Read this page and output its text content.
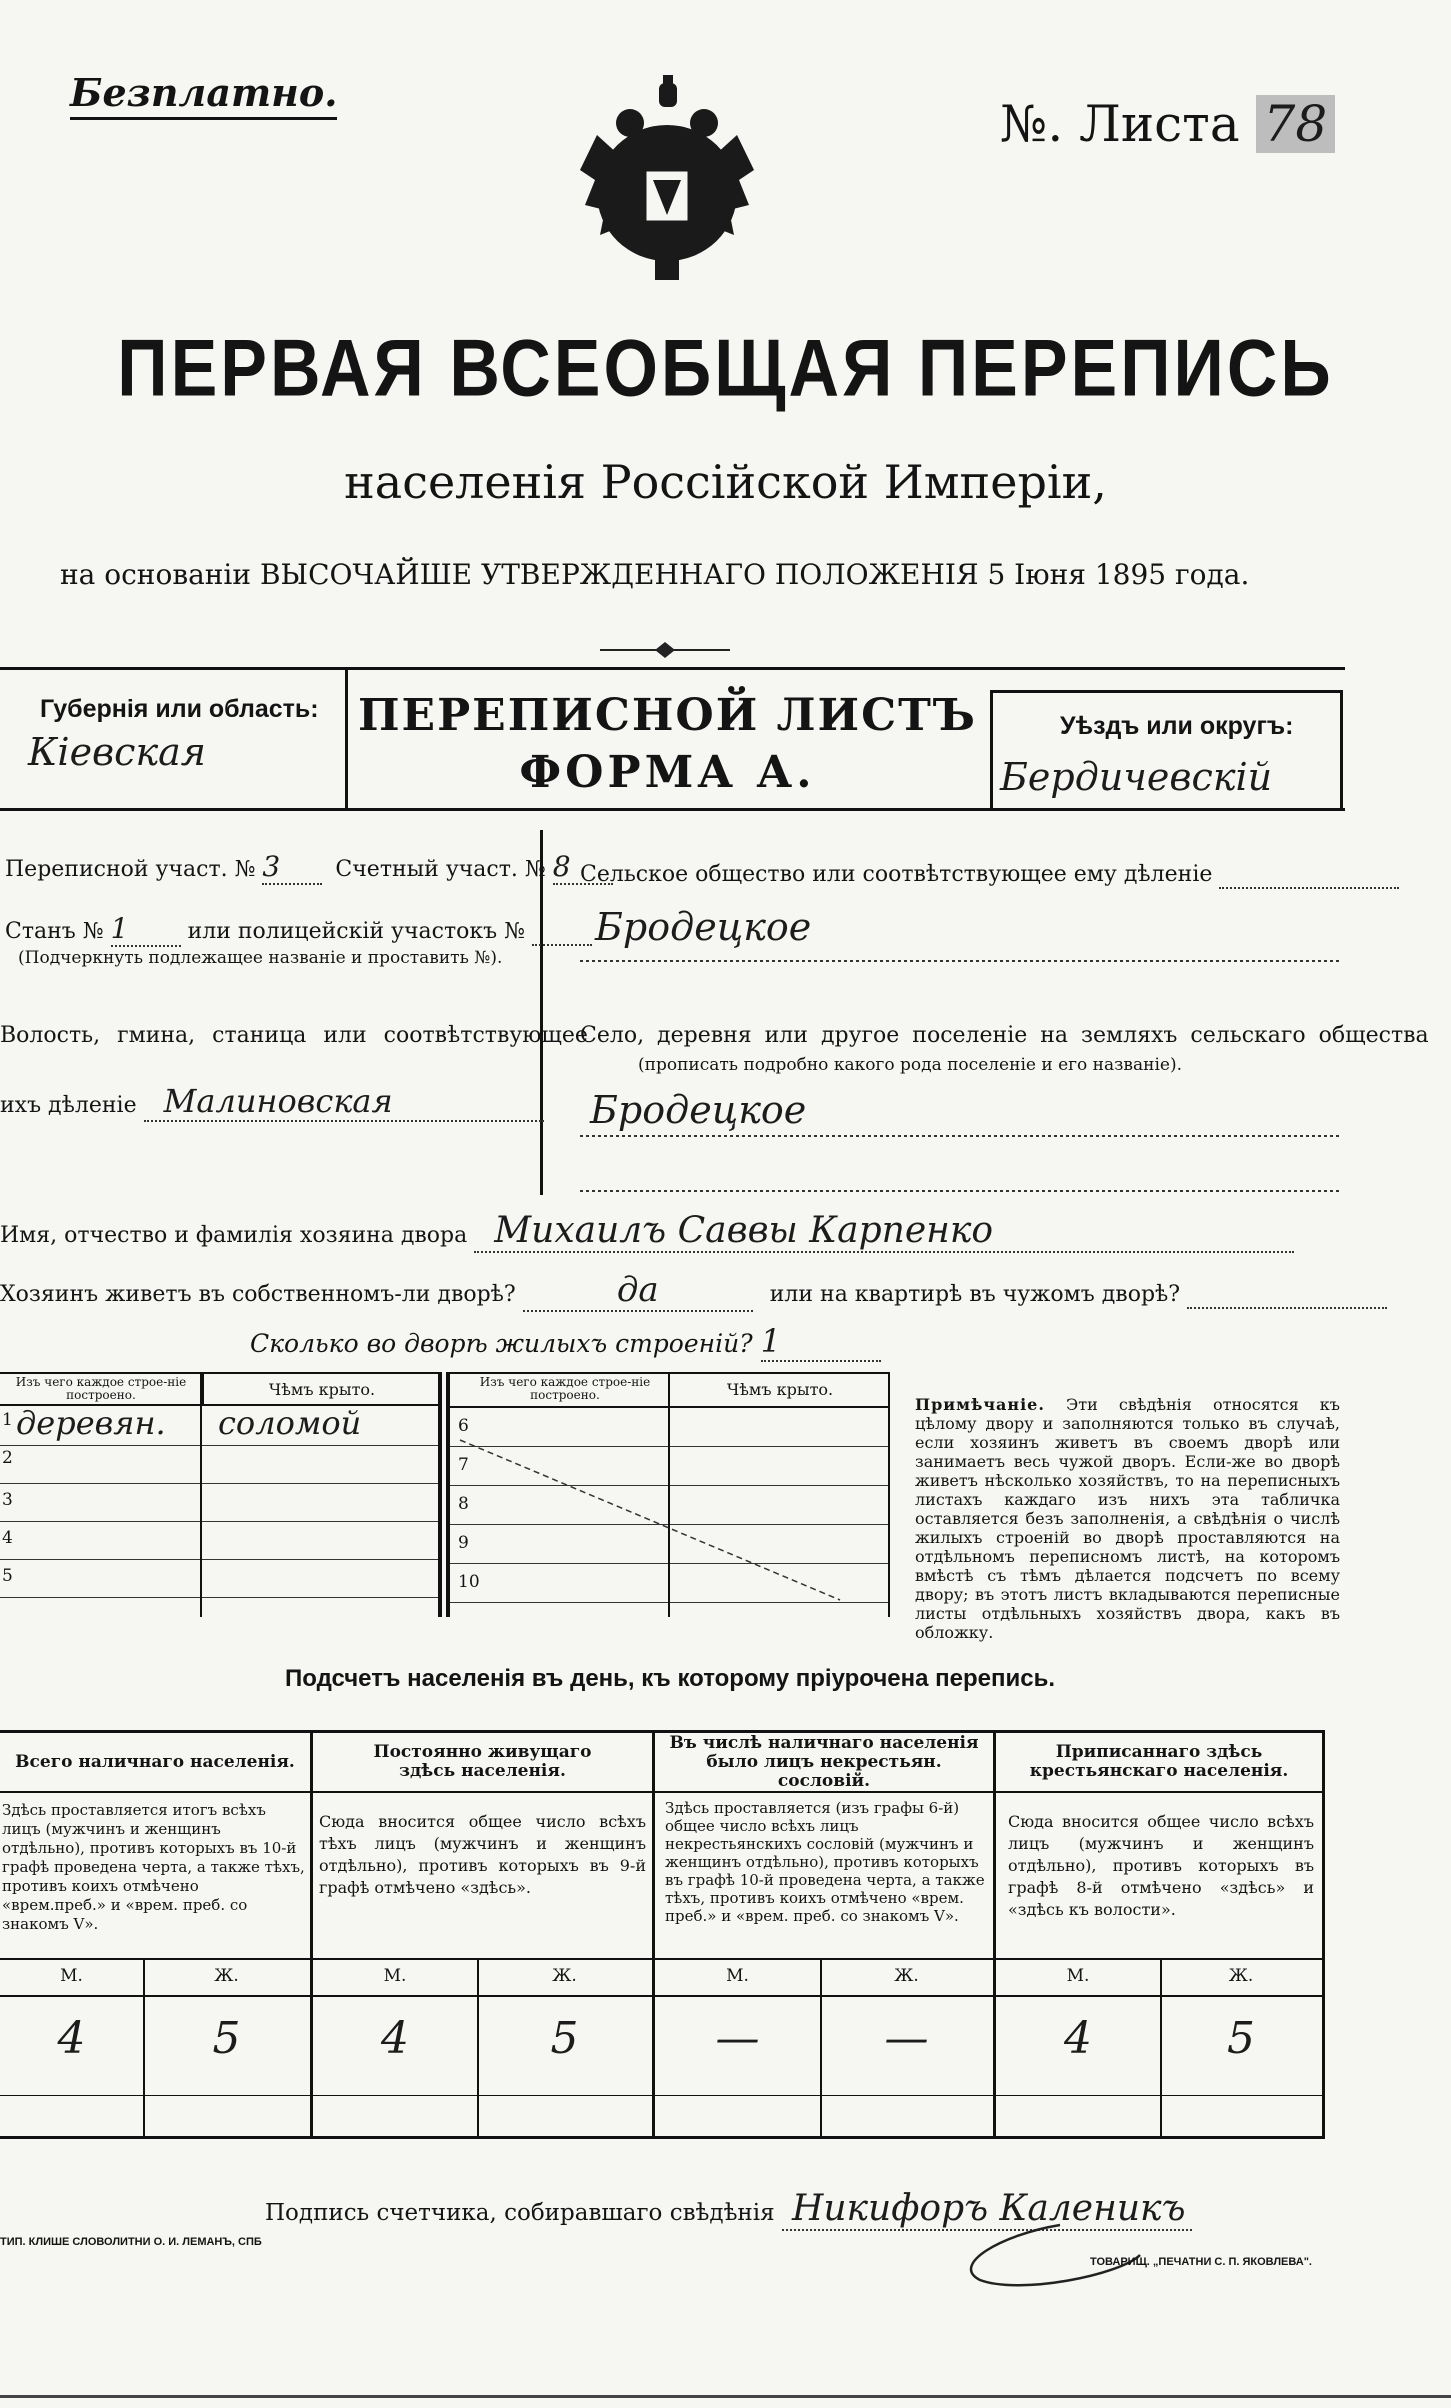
Безплатно.
№. Листа 78
ПЕРВАЯ ВСЕОБЩАЯ ПЕРЕПИСЬ
населенія Россійской Имперіи,
на основаніи ВЫСОЧАЙШЕ УТВЕРЖДЕННАГО ПОЛОЖЕНІЯ 5 Іюня 1895 года.
Губернія или область:
Кіевская
ПЕРЕПИСНОЙ ЛИСТЪ
ФОРМА А.
Уѣздъ или округъ:
Бердичевскій
Переписной участ. № 3	Счетный участ. № 8
Станъ № 1	или полицейскій участокъ №
(Подчеркнуть подлежащее названіе и проставить №).
Волость, гмина, станица или соотвѣтствующее
ихъ дѣленіе Малиновская
Сельское общество или соотвѣтствующее ему дѣленіе
Бродецкое
Село, деревня или другое поселеніе на земляхъ сельскаго общества
(прописать подробно какого рода поселеніе и его названіе).
Бродецкое
Имя, отчество и фамилія хозяина двора Михаилъ Саввы Карпенко
Хозяинъ живетъ въ собственномъ-ли дворѣ?	да	или на квартирѣ въ чужомъ дворѣ?
Сколько во дворѣ жилыхъ строеній? 1
Изъ чего каждое строе-ніе построено.	Чѣмъ крыто.
1 деревян. соломой
2
3
4
5
Изъ чего каждое строе-ніе построено.	Чѣмъ крыто.
6
7
8
9
10
Примѣчаніе. Эти свѣдѣнія относятся къ цѣлому двору и заполняются только въ случаѣ, если хозяинъ живетъ въ своемъ дворѣ или занимаетъ весь чужой дворъ. Если-же во дворѣ живетъ нѣсколько хозяйствъ, то на переписныхъ листахъ каждаго изъ нихъ эта табличка оставляется безъ заполненія, а свѣдѣнія о числѣ жилыхъ строеній во дворѣ проставляются на отдѣльномъ переписномъ листѣ, на которомъ вмѣстѣ съ тѣмъ дѣлается подсчетъ по всему двору; въ этотъ листъ вкладываются переписные листы отдѣльныхъ хозяйствъ двора, какъ въ обложку.
Подсчетъ населенія въ день, къ которому пріурочена перепись.
Всего наличнаго населенія.
Здѣсь проставляется итогъ всѣхъ лицъ (мужчинъ и женщинъ отдѣльно), противъ которыхъ въ 10-й графѣ проведена черта, а также тѣхъ, противъ коихъ отмѣчено «врем.преб.» и «врем. преб. со знакомъ V».
М.	Ж.
4	5
Постоянно живущаго здѣсь населенія.
Сюда вносится общее число всѣхъ тѣхъ лицъ (мужчинъ и женщинъ отдѣльно), противъ которыхъ въ 9-й графѣ отмѣчено «здѣсь».
М.	Ж.
4	5
Въ числѣ наличнаго населенія было лицъ некрестьян. сословій.
Здѣсь проставляется (изъ графы 6-й) общее число всѣхъ лицъ некрестьянскихъ сословій (мужчинъ и женщинъ отдѣльно), противъ которыхъ въ графѣ 10-й проведена черта, а также тѣхъ, противъ коихъ отмѣчено «врем. преб.» и «врем. преб. со знакомъ V».
М.	Ж.
—	—
Приписаннаго здѣсь крестьянскаго населенія.
Сюда вносится общее число всѣхъ лицъ (мужчинъ и женщинъ отдѣльно), противъ которыхъ въ графѣ 8-й отмѣчено «здѣсь» и «здѣсь къ волости».
М.	Ж.
4	5
Подпись счетчика, собиравшаго свѣдѣнія Никифоръ Каленикъ
ТИП. КЛИШЕ СЛОВОЛИТНИ О. И. ЛЕМАНЪ, СПБ
ТОВАРИЩ. „ПЕЧАТНИ С. П. ЯКОВЛЕВА".
